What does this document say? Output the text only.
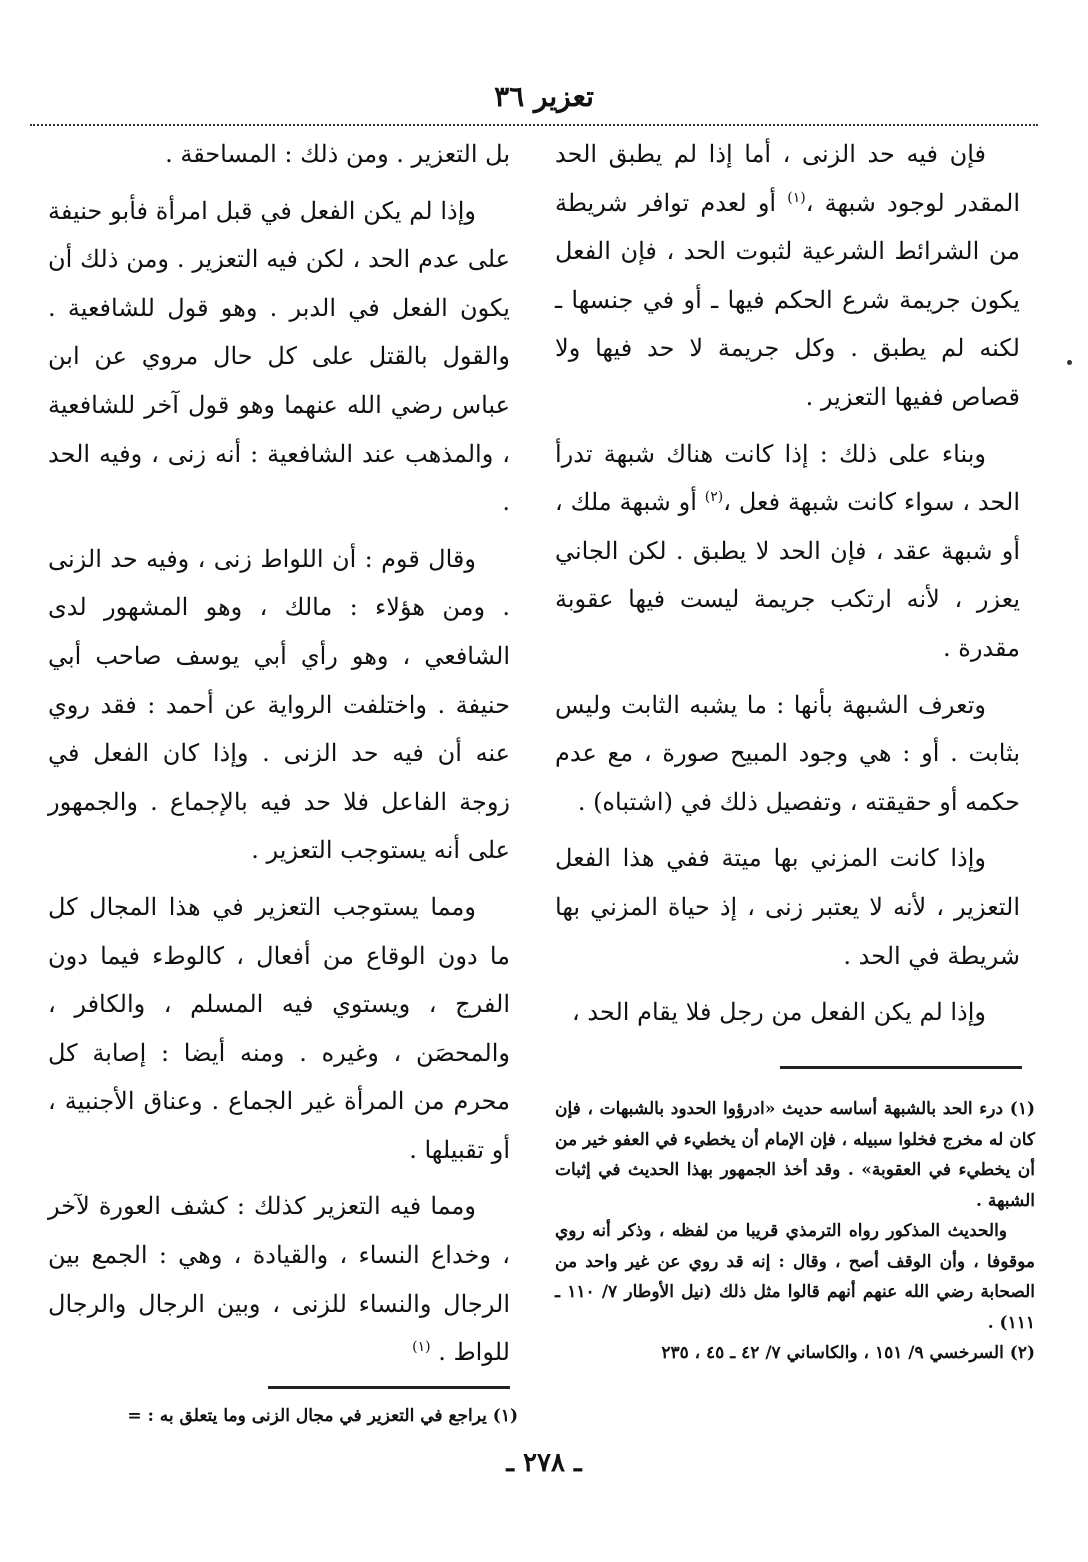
تعزير ٣٦

فإن فيه حد الزنى ، أما إذا لم يطبق الحد المقدر لوجود شبهة ،$^{(١)}$ أو لعدم توافر شريطة من الشرائط الشرعية لثبوت الحد ، فإن الفعل يكون جريمة شرع الحكم فيها ـ أو في جنسها ـ لكنه لم يطبق . وكل جريمة لا حد فيها ولا قصاص ففيها التعزير .

وبناء على ذلك : إذا كانت هناك شبهة تدرأ الحد ، سواء كانت شبهة فعل ،$^{(٢)}$ أو شبهة ملك ، أو شبهة عقد ، فإن الحد لا يطبق . لكن الجاني يعزر ، لأنه ارتكب جريمة ليست فيها عقوبة مقدرة .

وتعرف الشبهة بأنها : ما يشبه الثابت وليس بثابت . أو : هي وجود المبيح صورة ، مع عدم حكمه أو حقيقته ، وتفصيل ذلك في (اشتباه) .

وإذا كانت المزني بها ميتة ففي هذا الفعل التعزير ، لأنه لا يعتبر زنى ، إذ حياة المزني بها شريطة في الحد .

وإذا لم يكن الفعل من رجل فلا يقام الحد ،

بل التعزير . ومن ذلك : المساحقة .

وإذا لم يكن الفعل في قبل امرأة فأبو حنيفة على عدم الحد ، لكن فيه التعزير . ومن ذلك أن يكون الفعل في الدبر . وهو قول للشافعية . والقول بالقتل على كل حال مروي عن ابن عباس رضي الله عنهما وهو قول آخر للشافعية ، والمذهب عند الشافعية : أنه زنى ، وفيه الحد .

وقال قوم : أن اللواط زنى ، وفيه حد الزنى . ومن هؤلاء : مالك ، وهو المشهور لدى الشافعي ، وهو رأي أبي يوسف صاحب أبي حنيفة . واختلفت الرواية عن أحمد : فقد روي عنه أن فيه حد الزنى . وإذا كان الفعل في زوجة الفاعل فلا حد فيه بالإجماع . والجمهور على أنه يستوجب التعزير .

ومما يستوجب التعزير في هذا المجال كل ما دون الوقاع من أفعال ، كالوطء فيما دون الفرج ، ويستوي فيه المسلم ، والكافر ، والمحصَن ، وغيره . ومنه أيضا : إصابة كل محرم من المرأة غير الجماع . وعناق الأجنبية ، أو تقبيلها .

ومما فيه التعزير كذلك : كشف العورة لآخر ، وخداع النساء ، والقيادة ، وهي : الجمع بين الرجال والنساء للزنى ، وبين الرجال والرجال للواط . $^{(١)}$

(١) درء الحد بالشبهة أساسه حديث «ادرؤوا الحدود بالشبهات ، فإن كان له مخرج فخلوا سبيله ، فإن الإمام أن يخطيء في العفو خير من أن يخطيء في العقوبة» . وقد أخذ الجمهور بهذا الحديث في إثبات الشبهة .

والحديث المذكور رواه الترمذي قريبا من لفظه ، وذكر أنه روي موقوفا ، وأن الوقف أصح ، وقال : إنه قد روي عن غير واحد من الصحابة رضي الله عنهم أنهم قالوا مثل ذلك (نيل الأوطار ٧/ ١١٠ ـ ١١١) .

(٢) السرخسي ٩/ ١٥١ ، والكاساني ٧/ ٤٢ ـ ٤٥ ، ٢٣٥

(١) يراجع في التعزير في مجال الزنى وما يتعلق به : =

ـ ٢٧٨ ـ
